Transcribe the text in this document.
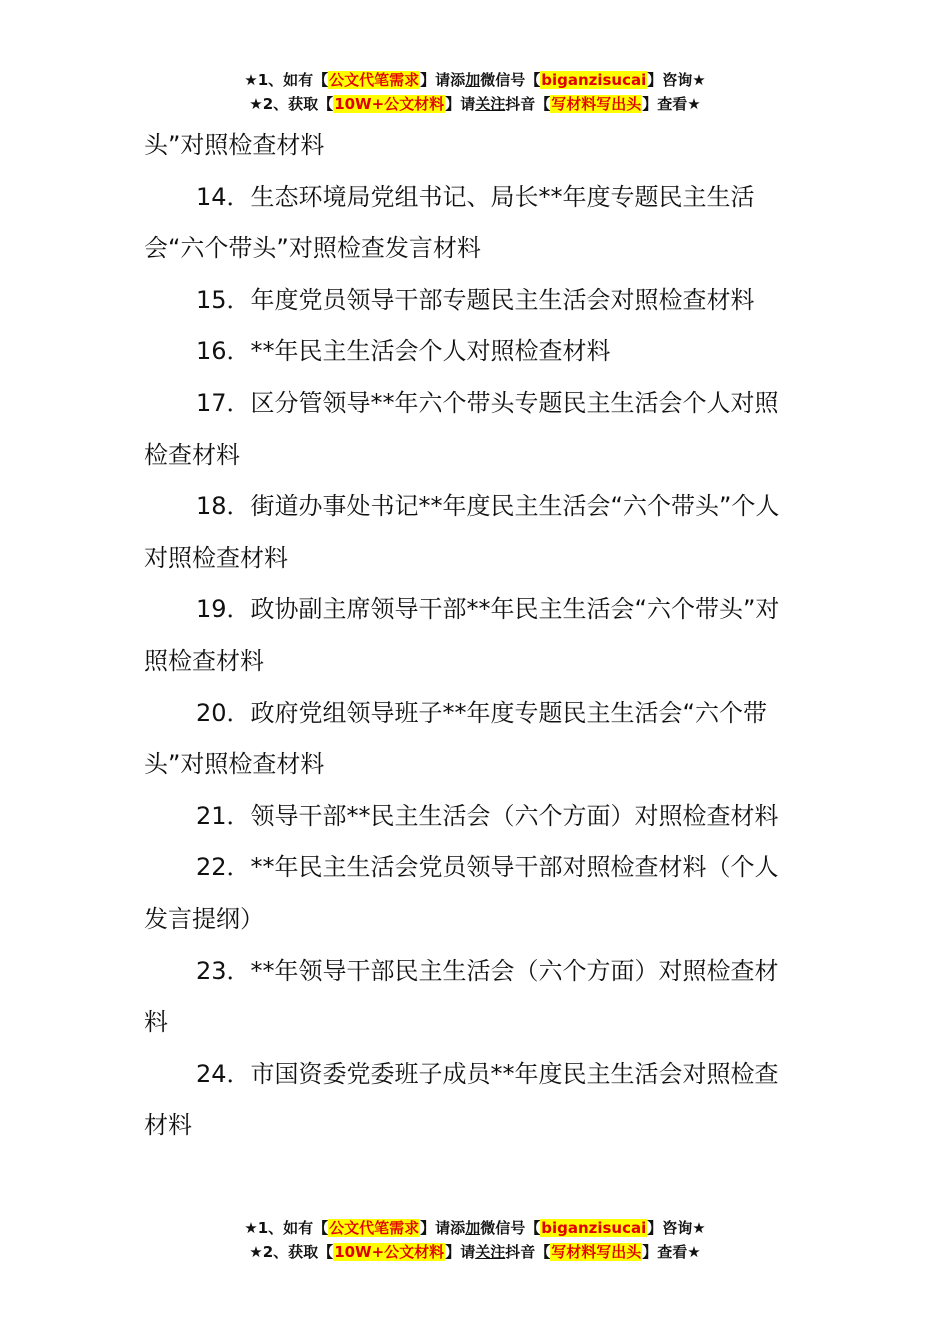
★1、如有【公文代笔需求】请添加微信号【biganzisucai】咨询★
★2、获取【10W+公文材料】请关注抖音【写材料写出头】查看★

头”对照检查材料

14．生态环境局党组书记、局长**年度专题民主生活会“六个带头”对照检查发言材料

15．年度党员领导干部专题民主生活会对照检查材料

16．**年民主生活会个人对照检查材料

17．区分管领导**年六个带头专题民主生活会个人对照检查材料

18．街道办事处书记**年度民主生活会“六个带头”个人对照检查材料

19．政协副主席领导干部**年民主生活会“六个带头”对照检查材料

20．政府党组领导班子**年度专题民主生活会“六个带头”对照检查材料

21．领导干部**民主生活会（六个方面）对照检查材料

22．**年民主生活会党员领导干部对照检查材料（个人发言提纲）

23．**年领导干部民主生活会（六个方面）对照检查材料

24．市国资委党委班子成员**年度民主生活会对照检查材料

★1、如有【公文代笔需求】请添加微信号【biganzisucai】咨询★
★2、获取【10W+公文材料】请关注抖音【写材料写出头】查看★
